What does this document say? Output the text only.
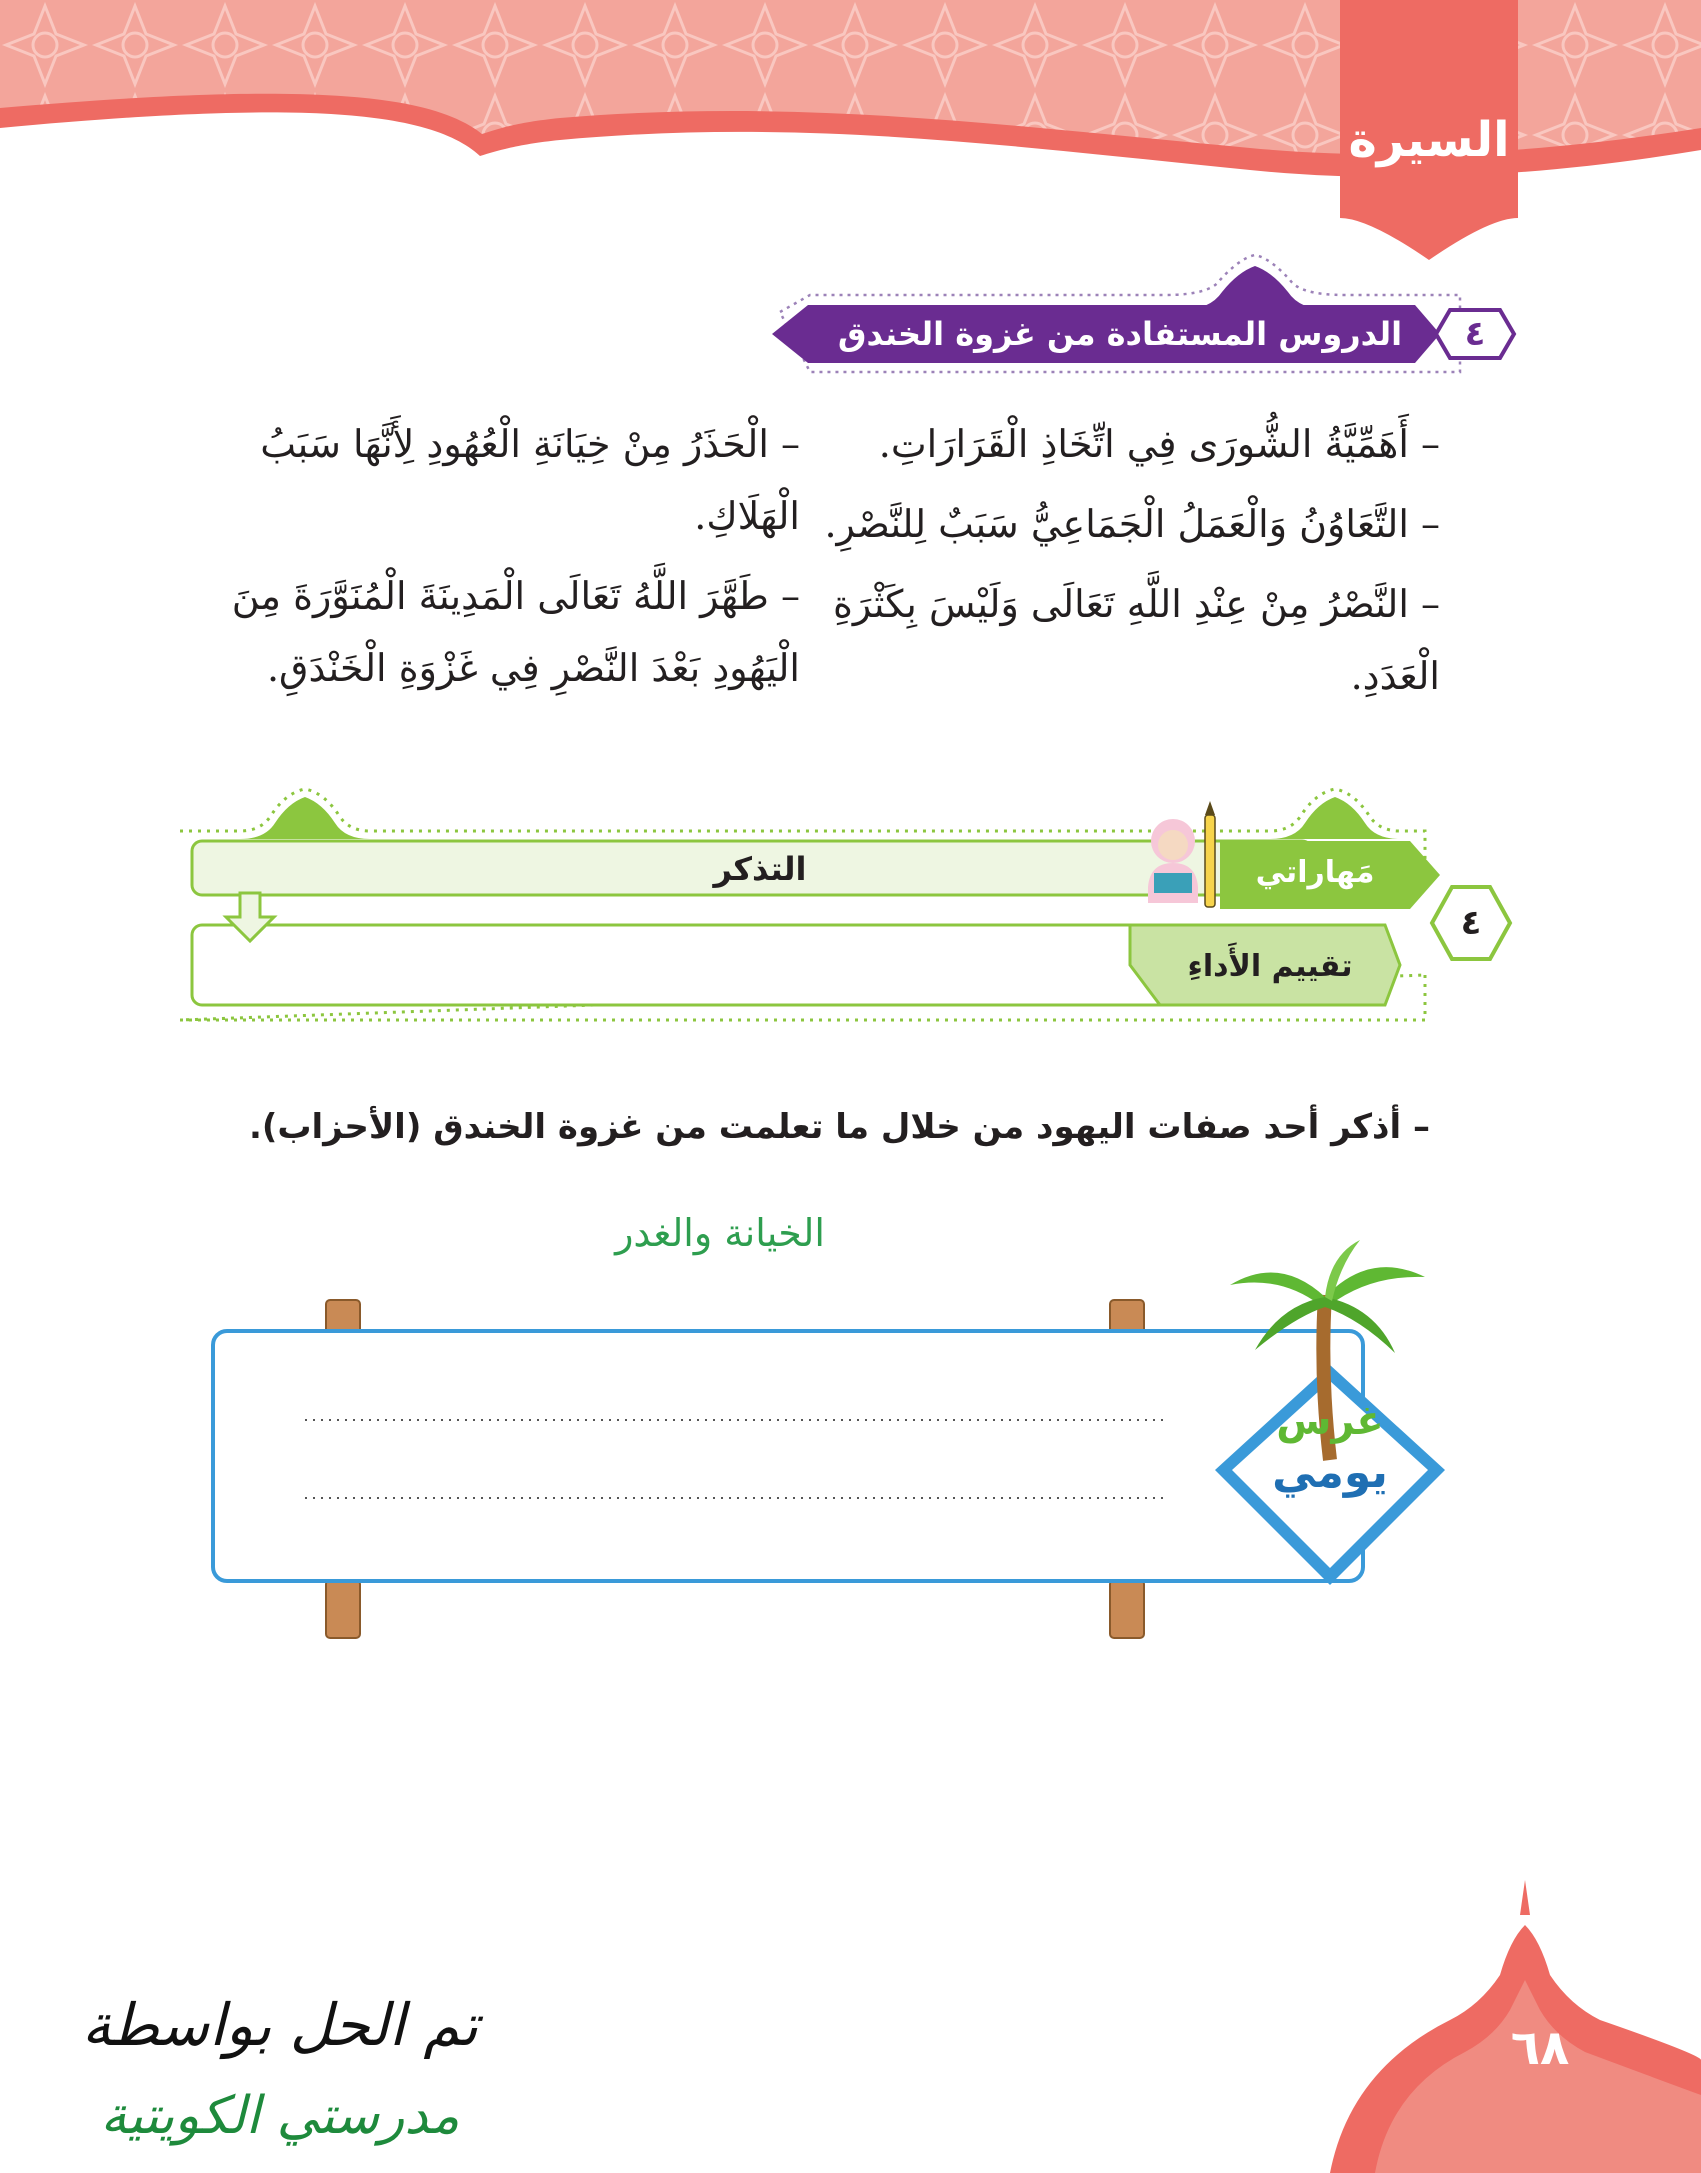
السيرة
الدروس المستفادة من غزوة الخندق	٤

– أَهَمِّيَّةُ الشُّورَى فِي اتِّخَاذِ الْقَرَارَاتِ.

– التَّعَاوُنُ وَالْعَمَلُ الْجَمَاعِيُّ سَبَبٌ لِلنَّصْرِ.

– النَّصْرُ مِنْ عِنْدِ اللَّهِ تَعَالَى وَلَيْسَ بِكَثْرَةِ الْعَدَدِ.

– الْحَذَرُ مِنْ خِيَانَةِ الْعُهُودِ لِأَنَّهَا سَبَبُ الْهَلَاكِ.

– طَهَّرَ اللَّهُ تَعَالَى الْمَدِينَةَ الْمُنَوَّرَةَ مِنَ الْيَهُودِ بَعْدَ النَّصْرِ فِي غَزْوَةِ الْخَنْدَقِ.

التذكر	مَهاراتي
تقييم الأَداءِ
٤
– أذكر أحد صفات اليهود من خلال ما تعلمت من غزوة الخندق (الأحزاب).
الخيانة والغدر
غرس
يومي
٦٨
تم الحل بواسطة
مدرستي الكويتية
